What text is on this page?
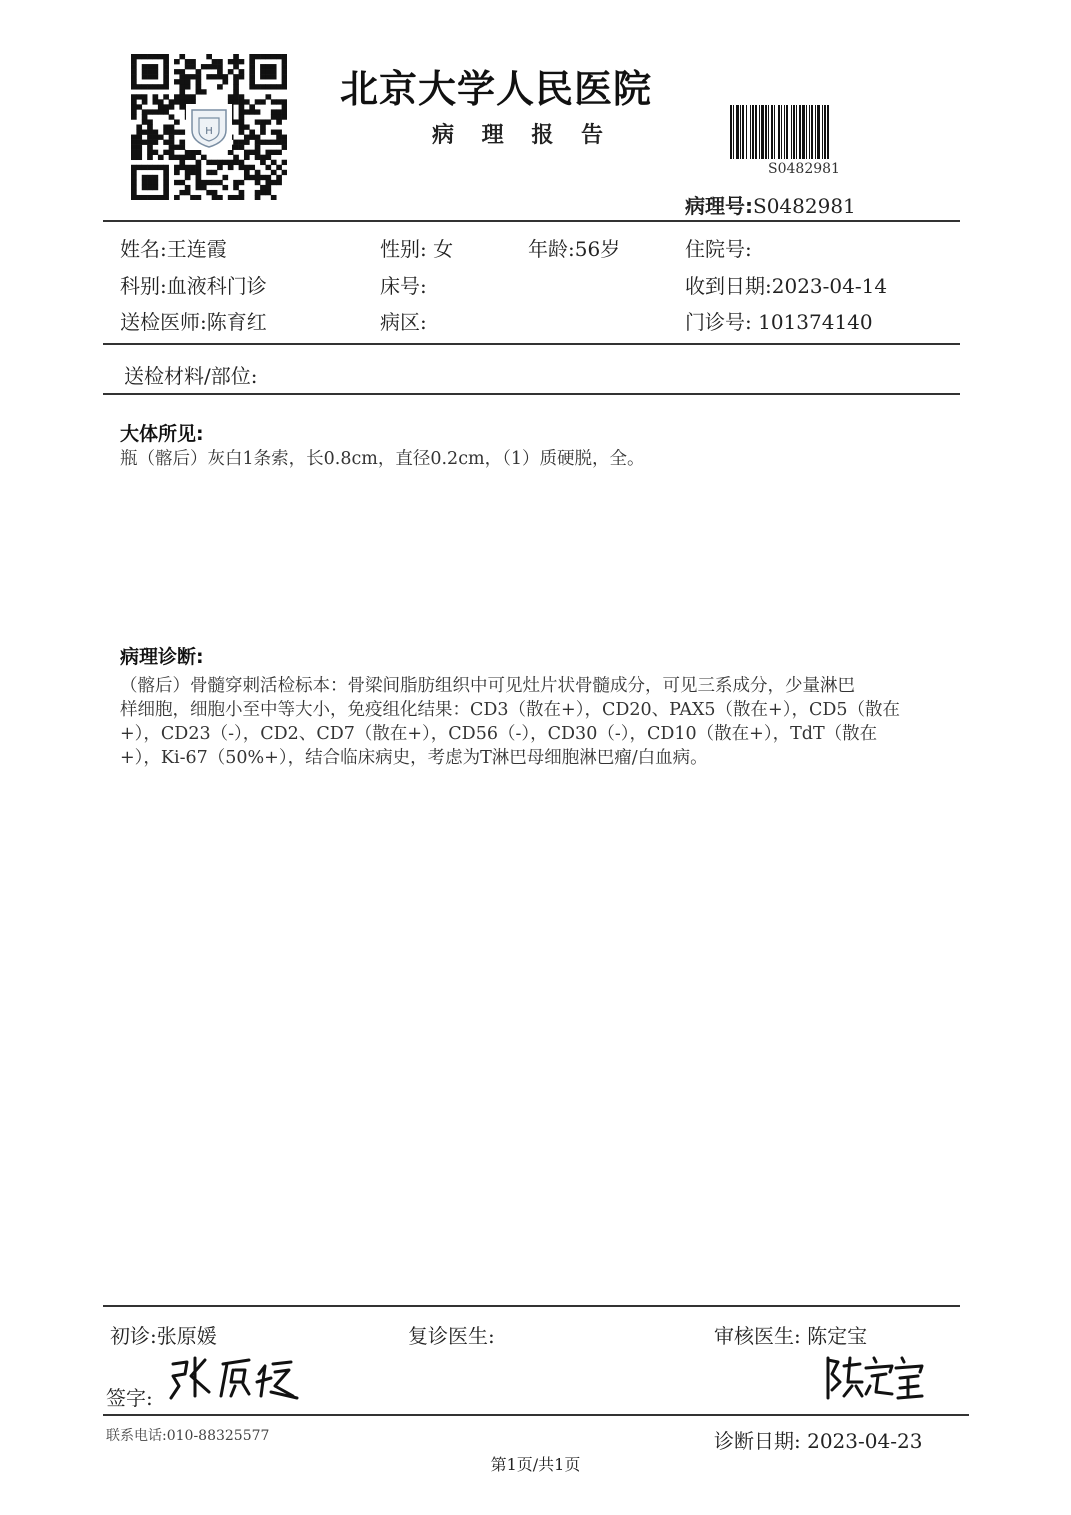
H
北京大学人民医院
病 理 报 告
S0482981
病理号:S0482981
姓名:王连霞	性别: 女	年龄:56岁	住院号:
科别:血液科门诊	床号:	收到日期:2023-04-14
送检医师:陈育红	病区:	门诊号: 101374140
送检材料/部位:
大体所见:
瓶（髂后）灰白1条索，长0.8cm，直径0.2cm，（1）质硬脱，全。
病理诊断:
（髂后）骨髓穿刺活检标本：骨梁间脂肪组织中可见灶片状骨髓成分，可见三系成分，少量淋巴
样细胞，细胞小至中等大小，免疫组化结果：CD3（散在+），CD20、PAX5（散在+），CD5（散在
+），CD23（-），CD2、CD7（散在+），CD56（-），CD30（-），CD10（散在+），TdT（散在
+），Ki-67（50%+），结合临床病史，考虑为T淋巴母细胞淋巴瘤/白血病。
初诊:张原媛	复诊医生:	审核医生: 陈定宝
签字:
联系电话:010-88325577	诊断日期: 2023-04-23
第1页/共1页
